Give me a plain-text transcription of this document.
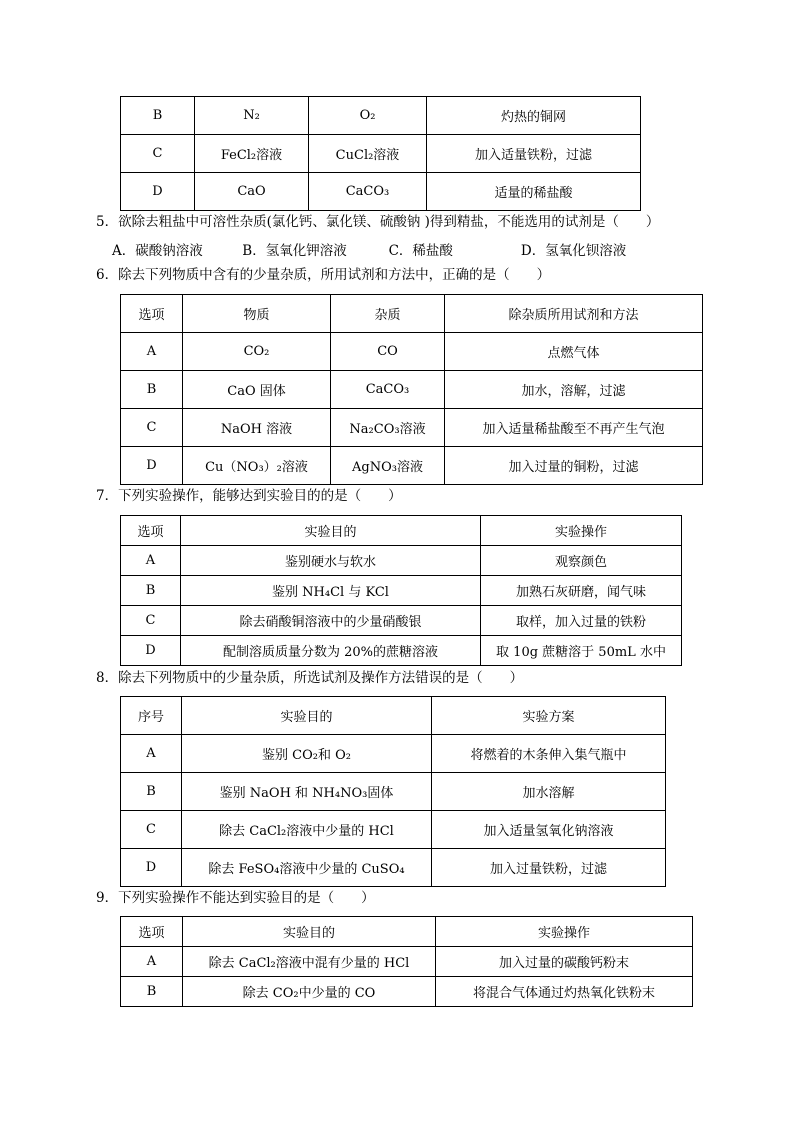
B	N₂	O₂	灼热的铜网
C	FeCl₂溶液	CuCl₂溶液	加入适量铁粉，过滤
D	CaO	CaCO₃	适量的稀盐酸
5．欲除去粗盐中可溶性杂质(氯化钙、氯化镁、硫酸钠 )得到精盐，不能选用的试剂是（　　）
A．碳酸钠溶液	B．氢氧化钾溶液	C．稀盐酸	D．氢氧化钡溶液
6．除去下列物质中含有的少量杂质，所用试剂和方法中，正确的是（　　）
选项	物质	杂质	除杂质所用试剂和方法
A	CO₂	CO	点燃气体
B	CaO 固体	CaCO₃	加水，溶解，过滤
C	NaOH 溶液	Na₂CO₃溶液	加入适量稀盐酸至不再产生气泡
D	Cu（NO₃）₂溶液	AgNO₃溶液	加入过量的铜粉，过滤
7．下列实验操作，能够达到实验目的的是（　　）
选项	实验目的	实验操作
A	鉴别硬水与软水	观察颜色
B	鉴别 NH₄Cl 与 KCl	加熟石灰研磨，闻气味
C	除去硝酸铜溶液中的少量硝酸银	取样，加入过量的铁粉
D	配制溶质质量分数为 20%的蔗糖溶液	取 10g 蔗糖溶于 50mL 水中
8．除去下列物质中的少量杂质，所选试剂及操作方法错误的是（　　）
序号	实验目的	实验方案
A	鉴别 CO₂和 O₂	将燃着的木条伸入集气瓶中
B	鉴别 NaOH 和 NH₄NO₃固体	加水溶解
C	除去 CaCl₂溶液中少量的 HCl	加入适量氢氧化钠溶液
D	除去 FeSO₄溶液中少量的 CuSO₄	加入过量铁粉，过滤
9．下列实验操作不能达到实验目的是（　　）
选项	实验目的	实验操作
A	除去 CaCl₂溶液中混有少量的 HCl	加入过量的碳酸钙粉末
B	除去 CO₂中少量的 CO	将混合气体通过灼热氧化铁粉末
